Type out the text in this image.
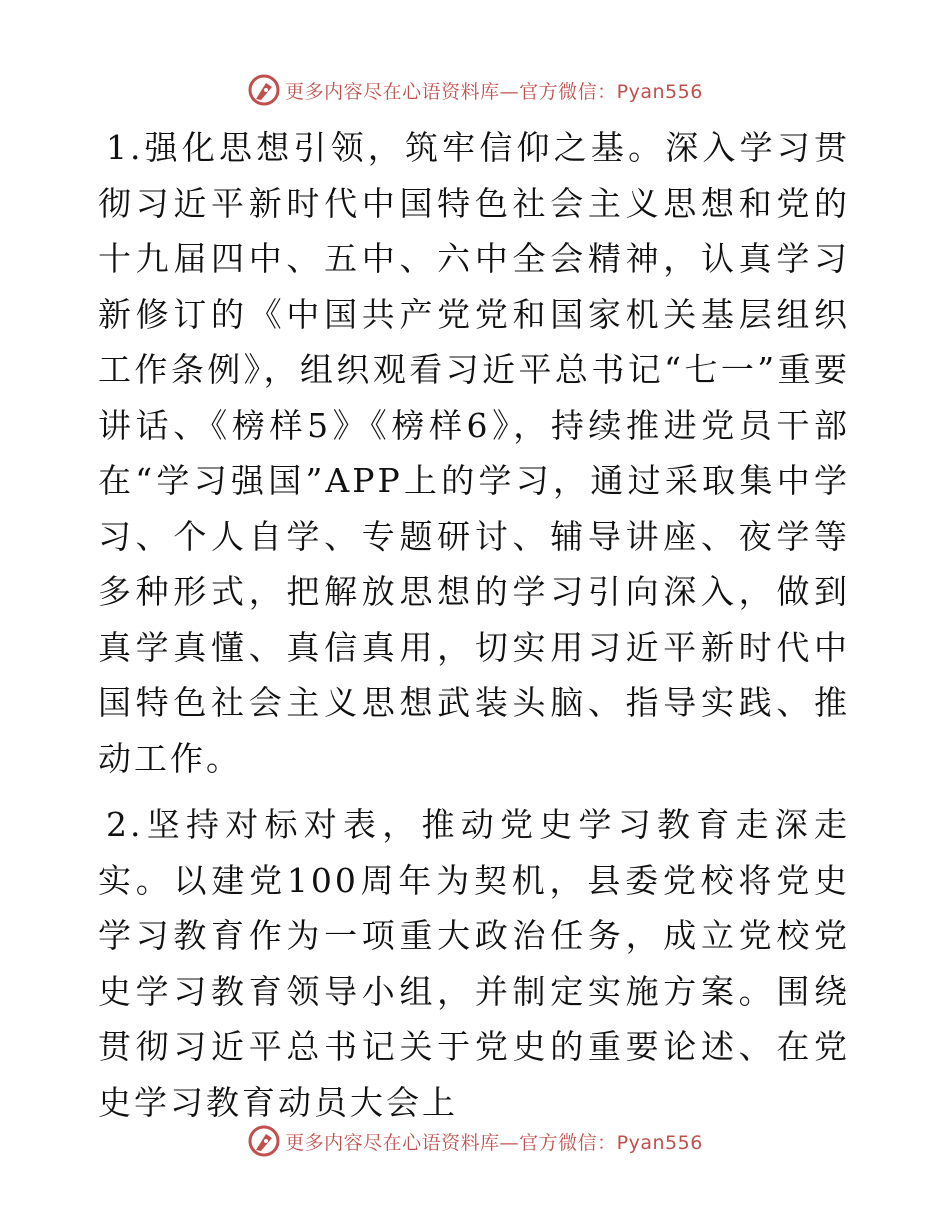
更多内容尽在心语资料库—官方微信：Pyan556

1.强化思想引领，筑牢信仰之基。深入学习贯彻习近平新时代中国特色社会主义思想和党的十九届四中、五中、六中全会精神，认真学习新修订的《中国共产党党和国家机关基层组织工作条例》，组织观看习近平总书记“七一”重要讲话、《榜样5》《榜样6》，持续推进党员干部在“学习强国”APP上的学习，通过采取集中学习、个人自学、专题研讨、辅导讲座、夜学等多种形式，把解放思想的学习引向深入，做到真学真懂、真信真用，切实用习近平新时代中国特色社会主义思想武装头脑、指导实践、推动工作。

2.坚持对标对表，推动党史学习教育走深走实。以建党100周年为契机，县委党校将党史学习教育作为一项重大政治任务，成立党校党史学习教育领导小组，并制定实施方案。围绕贯彻习近平总书记关于党史的重要论述、在党史学习教育动员大会上

更多内容尽在心语资料库—官方微信：Pyan556
